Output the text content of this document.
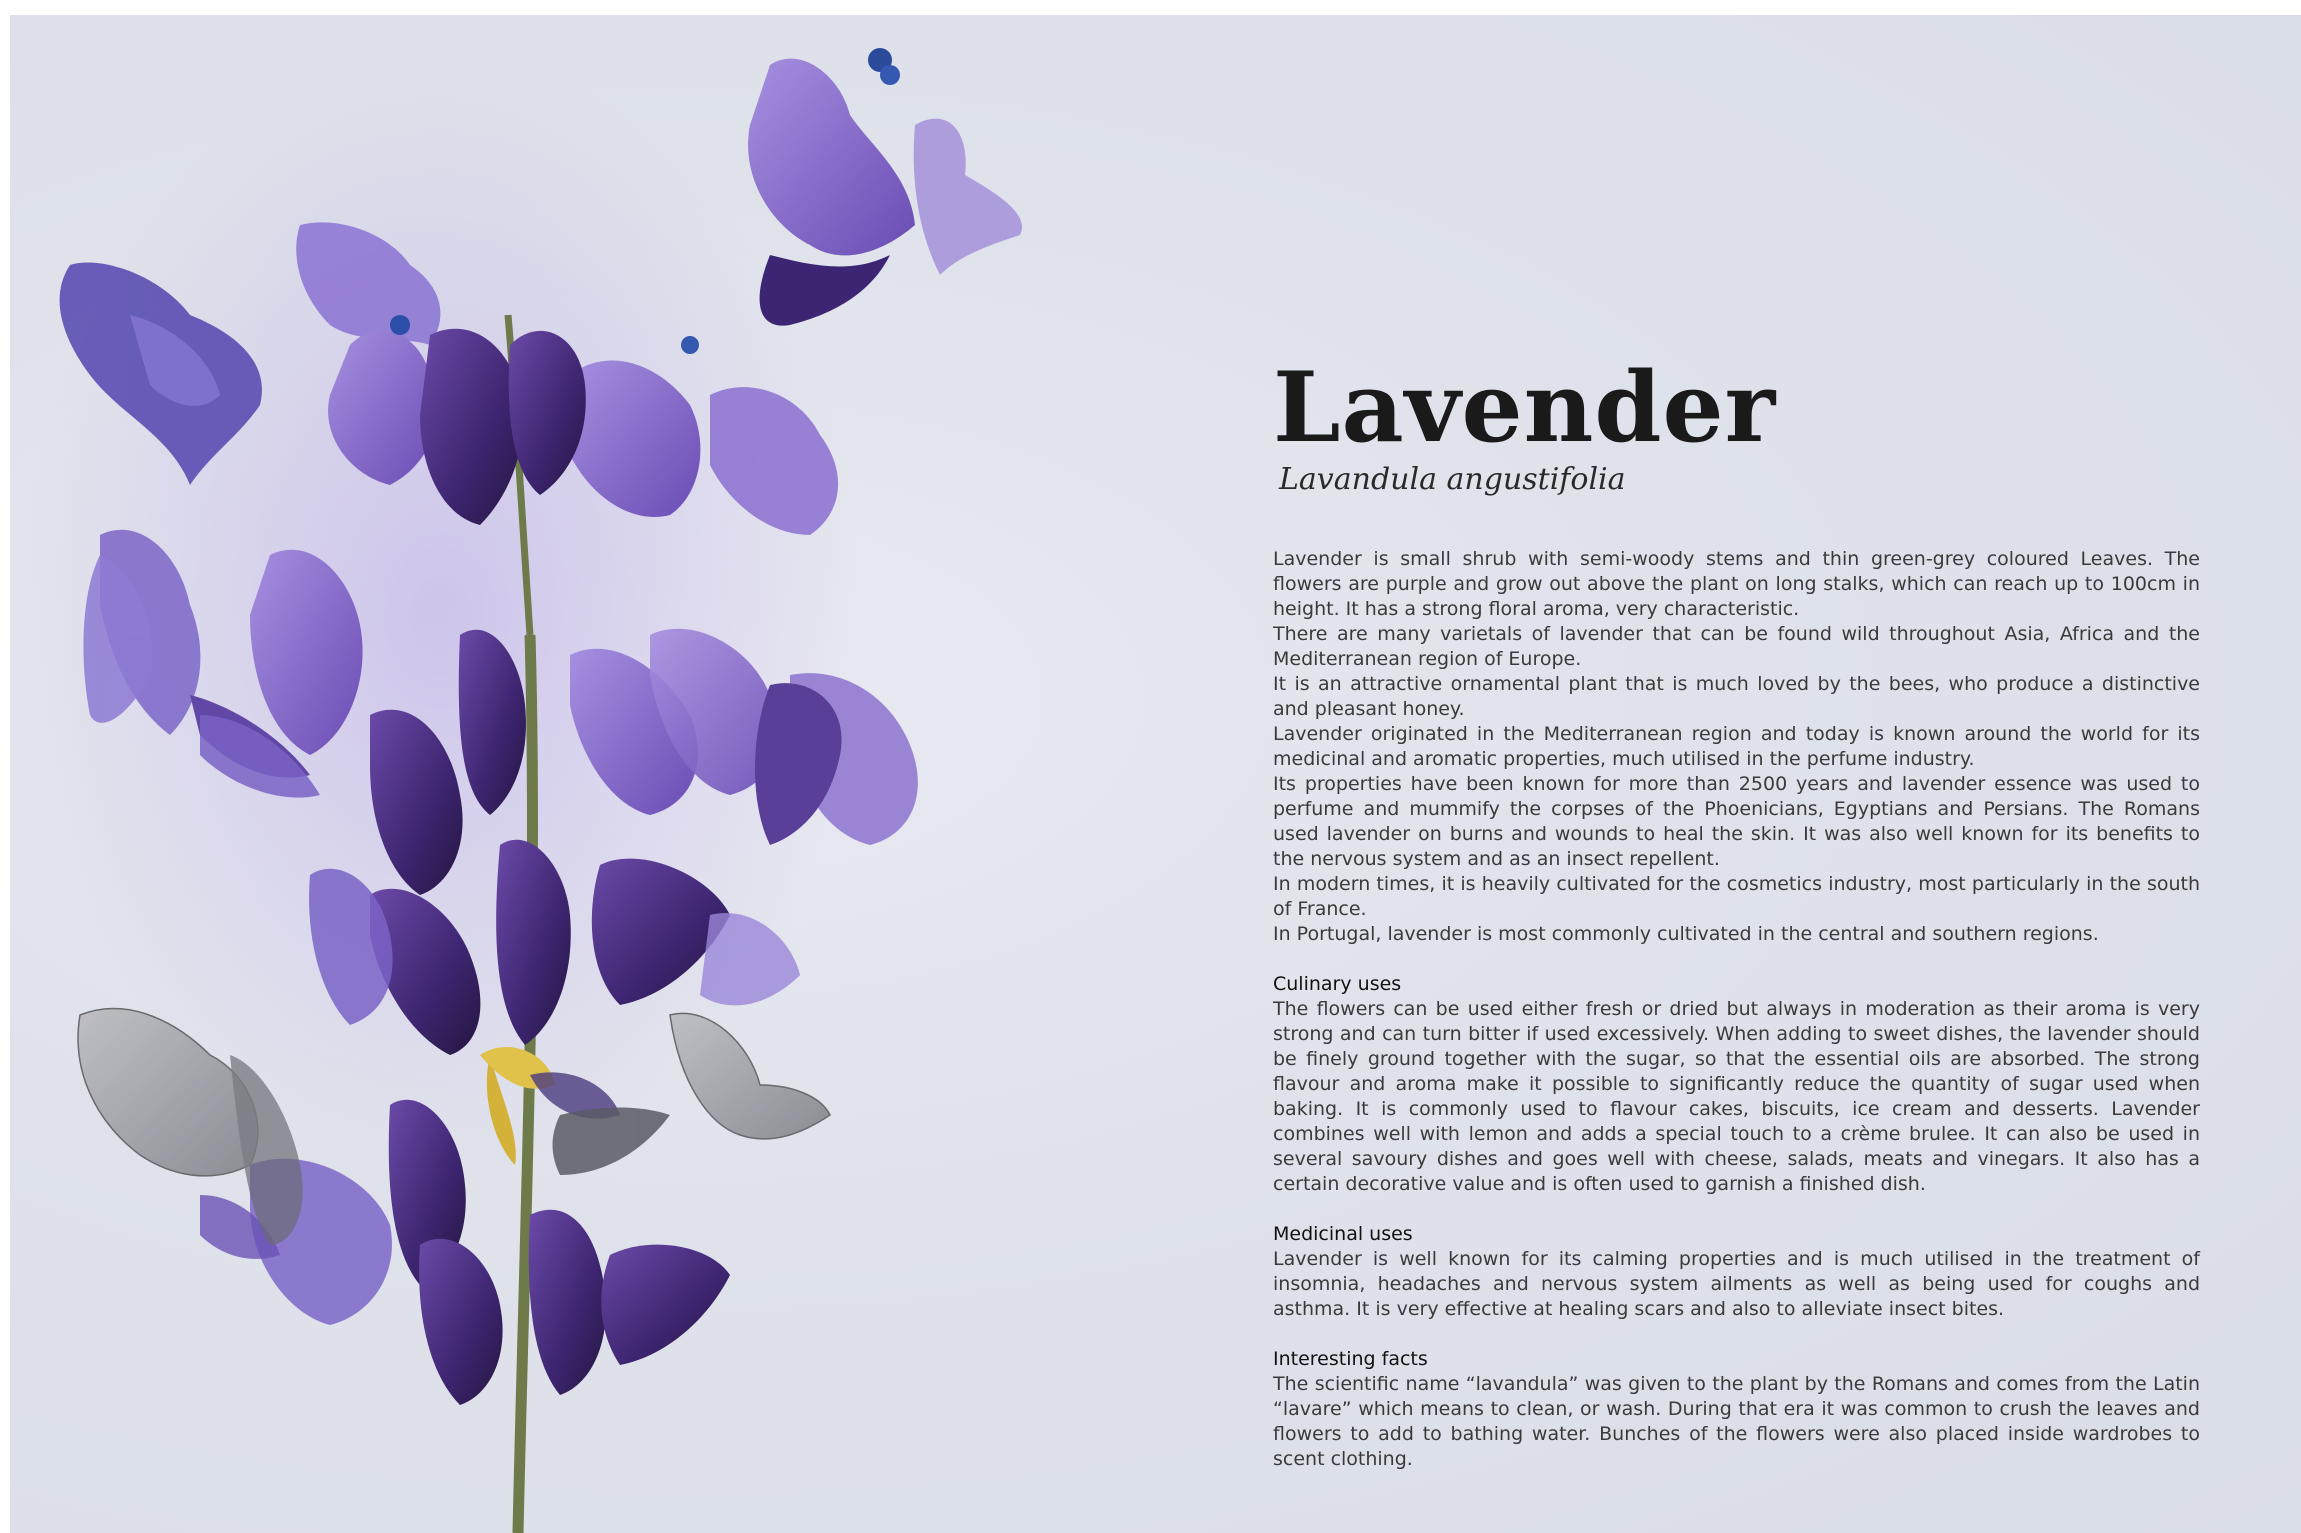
Lavender
Lavandula angustifolia

Lavender is small shrub with semi-woody stems and thin green-grey coloured Leaves. The flowers are purple and grow out above the plant on long stalks, which can reach up to 100cm in height. It has a strong floral aroma, very characteristic.

There are many varietals of lavender that can be found wild throughout Asia, Africa and the Mediterranean region of Europe.

It is an attractive ornamental plant that is much loved by the bees, who produce a distinctive and pleasant honey.

Lavender originated in the Mediterranean region and today is known around the world for its medicinal and aromatic properties, much utilised in the perfume industry.

Its properties have been known for more than 2500 years and lavender essence was used to perfume and mummify the corpses of the Phoenicians, Egyptians and Persians. The Romans used lavender on burns and wounds to heal the skin. It was also well known for its benefits to the nervous system and as an insect repellent.

In modern times, it is heavily cultivated for the cosmetics industry, most particularly in the south of France.

In Portugal, lavender is most commonly cultivated in the central and southern regions.

Culinary uses

The flowers can be used either fresh or dried but always in moderation as their aroma is very strong and can turn bitter if used excessively. When adding to sweet dishes, the lavender should be finely ground together with the sugar, so that the essential oils are absorbed. The strong flavour and aroma make it possible to significantly reduce the quantity of sugar used when baking. It is commonly used to flavour cakes, biscuits, ice cream and desserts. Lavender combines well with lemon and adds a special touch to a crème brulee. It can also be used in several savoury dishes and goes well with cheese, salads, meats and vinegars. It also has a certain decorative value and is often used to garnish a finished dish.

Medicinal uses

Lavender is well known for its calming properties and is much utilised in the treatment of insomnia, headaches and nervous system ailments as well as being used for coughs and asthma. It is very effective at healing scars and also to alleviate insect bites.

Interesting facts

The scientific name “lavandula” was given to the plant by the Romans and comes from the Latin “lavare” which means to clean, or wash. During that era it was common to crush the leaves and flowers to add to bathing water. Bunches of the flowers were also placed inside wardrobes to scent clothing.
